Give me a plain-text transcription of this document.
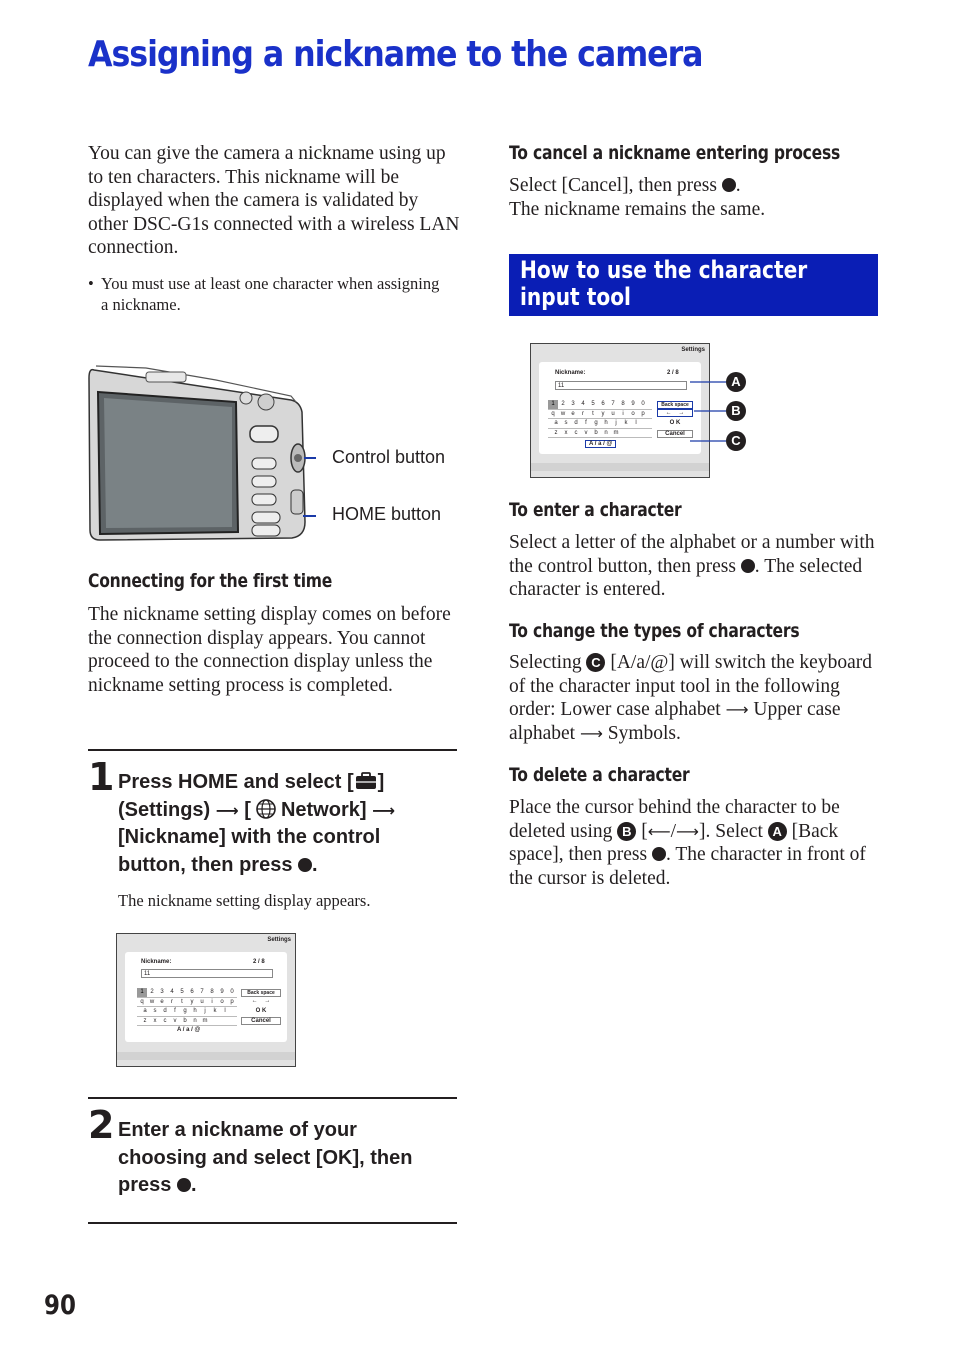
Assigning a nickname to the camera
You can give the camera a nickname using up to ten characters. This nickname will be displayed when the camera is validated by other DSC-G1s connected with a wireless LAN connection.
• You must use at least one character when assigning a nickname.
Control button
HOME button
Connecting for the first time
The nickname setting display comes on before the connection display appears. You cannot proceed to the connection display unless the nickname setting process is completed.
1 Press HOME and select [ ]
(Settings) ⟶ [ Network] ⟶
[Nickname] with the control
button, then press .
The nickname setting display appears.
Settings
Nickname:	2 / 8
11
1	2	3	4	5	6	7	8	9	0
q	w	e	r	t	y	u	i	o	p
a	s	d	f	g	h	j	k	l
z	x	c	v	b	n m
Back space
← →
O K
Cancel
A / a / @
2 Enter a nickname of your
choosing and select [OK], then
press .
To cancel a nickname entering process
Select [Cancel], then press .
The nickname remains the same.
How to use the character input tool
Settings
Nickname:	2 / 8
11
1	2	3	4	5	6	7	8	9	0
q	w	e	r	t	y	u	i	o	p
a	s	d	f	g	h	j	k	l
z	x	c	v	b	n m
Back space
← →
O K
Cancel
A / a / @
A
B
C
To enter a character
Select a letter of the alphabet or a number with the control button, then press . The selected character is entered.
To change the types of characters
Selecting C [A/a/@] will switch the keyboard of the character input tool in the following order: Lower case alphabet ⟶ Upper case alphabet ⟶ Symbols.
To delete a character
Place the cursor behind the character to be deleted using B [⟵/⟶]. Select A [Back space], then press . The character in front of the cursor is deleted.
90
